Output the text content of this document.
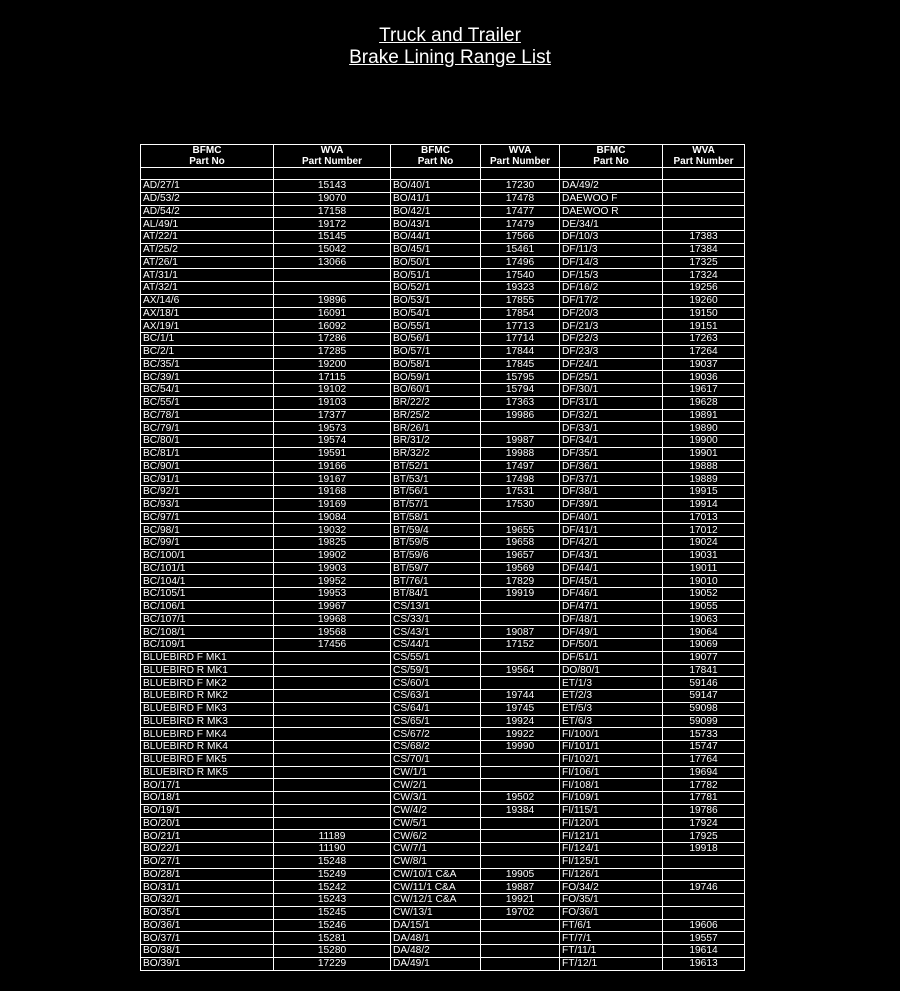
Truck and Trailer
Brake Lining Range List
BFMC	WVA	BFMC	WVA	BFMC	WVA
Part No	Part Number	Part No	Part Number	Part No	Part Number

AD/27/1	15143	BO/40/1	17230	DA/49/2	
AD/53/2	19070	BO/41/1	17478	DAEWOO F	
AD/54/2	17158	BO/42/1	17477	DAEWOO R	
AL/49/1	19172	BO/43/1	17479	DE/34/1	
AT/22/1	15145	BO/44/1	17566	DF/10/3	17383
AT/25/2	15042	BO/45/1	15461	DF/11/3	17384
AT/26/1	13066	BO/50/1	17496	DF/14/3	17325
AT/31/1		BO/51/1	17540	DF/15/3	17324
AT/32/1		BO/52/1	19323	DF/16/2	19256
AX/14/6	19896	BO/53/1	17855	DF/17/2	19260
AX/18/1	16091	BO/54/1	17854	DF/20/3	19150
AX/19/1	16092	BO/55/1	17713	DF/21/3	19151
BC/1/1	17286	BO/56/1	17714	DF/22/3	17263
BC/2/1	17285	BO/57/1	17844	DF/23/3	17264
BC/35/1	19200	BO/58/1	17845	DF/24/1	19037
BC/39/1	17115	BO/59/1	15795	DF/25/1	19036
BC/54/1	19102	BO/60/1	15794	DF/30/1	19617
BC/55/1	19103	BR/22/2	17363	DF/31/1	19628
BC/78/1	17377	BR/25/2	19986	DF/32/1	19891
BC/79/1	19573	BR/26/1		DF/33/1	19890
BC/80/1	19574	BR/31/2	19987	DF/34/1	19900
BC/81/1	19591	BR/32/2	19988	DF/35/1	19901
BC/90/1	19166	BT/52/1	17497	DF/36/1	19888
BC/91/1	19167	BT/53/1	17498	DF/37/1	19889
BC/92/1	19168	BT/56/1	17531	DF/38/1	19915
BC/93/1	19169	BT/57/1	17530	DF/39/1	19914
BC/97/1	19084	BT/58/1		DF/40/1	17013
BC/98/1	19032	BT/59/4	19655	DF/41/1	17012
BC/99/1	19825	BT/59/5	19658	DF/42/1	19024
BC/100/1	19902	BT/59/6	19657	DF/43/1	19031
BC/101/1	19903	BT/59/7	19569	DF/44/1	19011
BC/104/1	19952	BT/76/1	17829	DF/45/1	19010
BC/105/1	19953	BT/84/1	19919	DF/46/1	19052
BC/106/1	19967	CS/13/1		DF/47/1	19055
BC/107/1	19968	CS/33/1		DF/48/1	19063
BC/108/1	19568	CS/43/1	19087	DF/49/1	19064
BC/109/1	17456	CS/44/1	17152	DF/50/1	19069
BLUEBIRD F MK1		CS/55/1		DF/51/1	19077
BLUEBIRD R MK1		CS/59/1	19564	DO/80/1	17841
BLUEBIRD F MK2		CS/60/1		ET/1/3	59146
BLUEBIRD R MK2		CS/63/1	19744	ET/2/3	59147
BLUEBIRD F MK3		CS/64/1	19745	ET/5/3	59098
BLUEBIRD R MK3		CS/65/1	19924	ET/6/3	59099
BLUEBIRD F MK4		CS/67/2	19922	FI/100/1	15733
BLUEBIRD R MK4		CS/68/2	19990	FI/101/1	15747
BLUEBIRD F MK5		CS/70/1		FI/102/1	17764
BLUEBIRD R MK5		CW/1/1		FI/106/1	19694
BO/17/1		CW/2/1		FI/108/1	17782
BO/18/1		CW/3/1	19502	FI/109/1	17781
BO/19/1		CW/4/2	19384	FI/115/1	19786
BO/20/1		CW/5/1		FI/120/1	17924
BO/21/1	11189	CW/6/2		FI/121/1	17925
BO/22/1	11190	CW/7/1		FI/124/1	19918
BO/27/1	15248	CW/8/1		FI/125/1	
BO/28/1	15249	CW/10/1 C&A	19905	FI/126/1	
BO/31/1	15242	CW/11/1 C&A	19887	FO/34/2	19746
BO/32/1	15243	CW/12/1 C&A	19921	FO/35/1	
BO/35/1	15245	CW/13/1	19702	FO/36/1	
BO/36/1	15246	DA/15/1		FT/6/1	19606
BO/37/1	15281	DA/48/1		FT/7/1	19557
BO/38/1	15280	DA/48/2		FT/11/1	19614
BO/39/1	17229	DA/49/1		FT/12/1	19613
